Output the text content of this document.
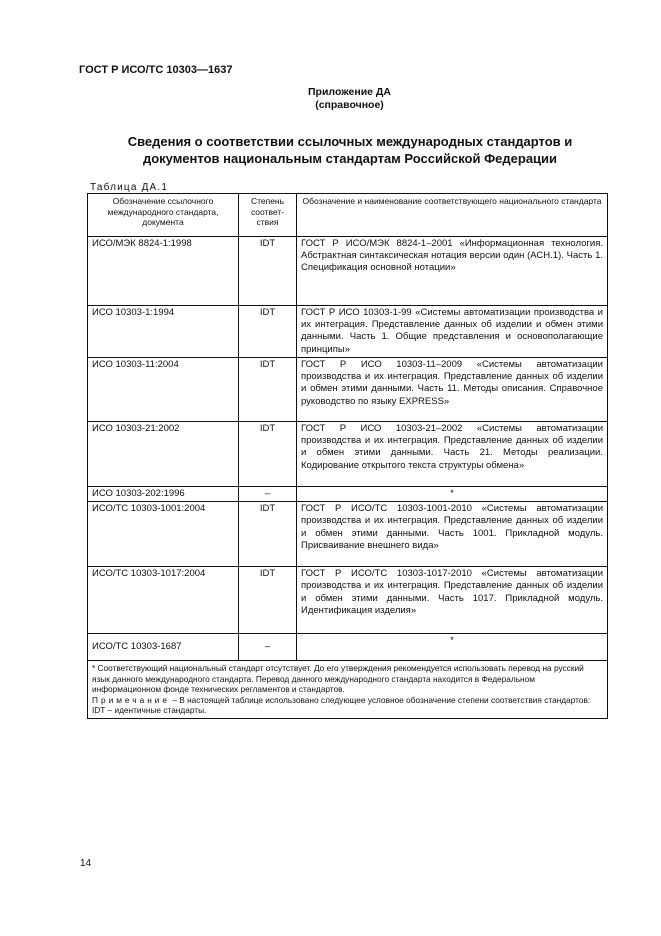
ГОСТ Р ИСО/ТС 10303—1637
Приложение ДА
(справочное)
Сведения о соответствии ссылочных международных стандартов и
документов национальным стандартам Российской Федерации
Таблица ДА.1
Обозначение ссылочного международного стандарта, документа	Степень соответ-ствия	Обозначение и наименование соответствующего национального стандарта
ИСО/МЭК 8824-1:1998	IDT	ГОСТ Р ИСО/МЭК 8824-1–2001 «Информационная технология. Абстрактная синтаксическая нотация версии один (АСН.1). Часть 1. Спецификация основной нотации»
ИСО 10303-1:1994	IDT	ГОСТ Р ИСО 10303-1-99 «Системы автоматизации производства и их интеграция. Представление данных об изделии и обмен этими данными. Часть 1. Общие представления и основополагающие принципы»
ИСО 10303-11:2004	IDT	ГОСТ Р ИСО 10303-11–2009 «Системы автоматизации производства и их интеграция. Представление данных об изделии и обмен этими данными. Часть 11. Методы описания. Справочное руководство по языку EXPRESS»
ИСО 10303-21:2002	IDT	ГОСТ Р ИСО 10303-21–2002 «Системы автоматизации производства и их интеграция. Представление данных об изделии и обмен этими данными. Часть 21. Методы реализации. Кодирование открытого текста структуры обмена»
ИСО 10303-202:1996	–	*
ИСО/ТС 10303-1001:2004	IDT	ГОСТ Р ИСО/ТС 10303-1001-2010 «Системы автоматизации производства и их интеграция. Представление данных об изделии и обмен этими данными. Часть 1001. Прикладной модуль. Присваивание внешнего вида»
ИСО/ТС 10303-1017:2004	IDT	ГОСТ Р ИСО/ТС 10303-1017-2010 «Системы автоматизации производства и их интеграция. Представление данных об изделии и обмен этими данными. Часть 1017. Прикладной модуль. Идентификация изделия»
ИСО/ТС 10303-1687	–	*

* Соответствующий национальный стандарт отсутствует. До его утверждения рекомендуется использовать перевод на русский язык данного международного стандарта. Перевод данного международного стандарта находится в Федеральном информационном фонде технических регламентов и стандартов.
Примечание – В настоящей таблице использовано следующее условное обозначение степени соответствия стандартов:
IDT – идентичные стандарты.		
14
